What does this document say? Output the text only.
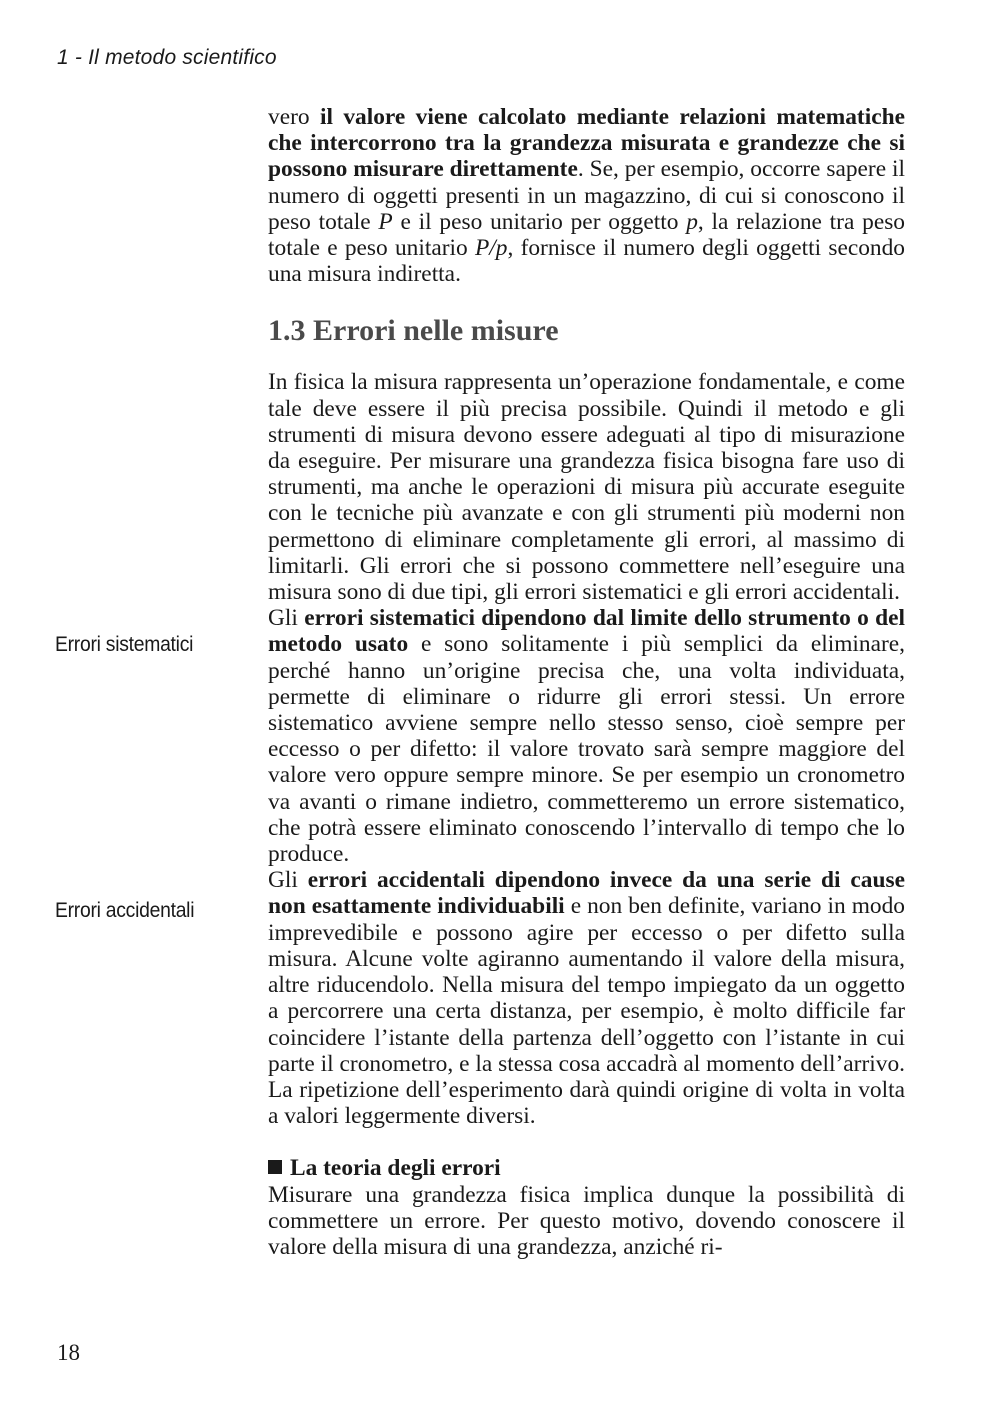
1 - Il metodo scientifico

vero il valore viene calcolato mediante relazioni matematiche che intercorrono tra la grandezza misurata e grandezze che si possono misurare direttamente. Se, per esempio, occorre sapere il numero di oggetti presenti in un magazzino, di cui si conoscono il peso totale P e il peso unitario per oggetto p, la relazione tra peso totale e peso unitario P/p, fornisce il numero degli oggetti secondo una misura indiretta.

1.3 Errori nelle misure

In fisica la misura rappresenta un’operazione fondamentale, e come tale deve essere il più precisa possibile. Quindi il metodo e gli strumenti di misura devono essere adeguati al tipo di misurazione da eseguire. Per misurare una grandezza fisica bisogna fare uso di strumenti, ma anche le operazioni di misura più accurate eseguite con le tecniche più avanzate e con gli strumenti più moderni non permettono di eliminare completamente gli errori, al massimo di limitarli. Gli errori che si possono commettere nell’eseguire una misura sono di due tipi, gli errori sistematici e gli errori accidentali.

Gli errori sistematici dipendono dal limite dello strumento o del metodo usato e sono solitamente i più semplici da eliminare, perché hanno un’origine precisa che, una volta individuata, permette di eliminare o ridurre gli errori stessi. Un errore sistematico avviene sempre nello stesso senso, cioè sempre per eccesso o per difetto: il valore trovato sarà sempre maggiore del valore vero oppure sempre minore. Se per esempio un cronometro va avanti o rimane indietro, commetteremo un errore sistematico, che potrà essere eliminato conoscendo l’intervallo di tempo che lo produce.

Gli errori accidentali dipendono invece da una serie di cause non esattamente individuabili e non ben definite, variano in modo imprevedibile e possono agire per eccesso o per difetto sulla misura. Alcune volte agiranno aumentando il valore della misura, altre riducendolo. Nella misura del tempo impiegato da un oggetto a percorrere una certa distanza, per esempio, è molto difficile far coincidere l’istante della partenza dell’oggetto con l’istante in cui parte il cronometro, e la stessa cosa accadrà al momento dell’arrivo. La ripetizione dell’esperimento darà quindi origine di volta in volta a valori leggermente diversi.

La teoria degli errori

Misurare una grandezza fisica implica dunque la possibilità di commettere un errore. Per questo motivo, dovendo conoscere il valore della misura di una grandezza, anziché ri-

Errori sistematici
Errori accidentali
18
